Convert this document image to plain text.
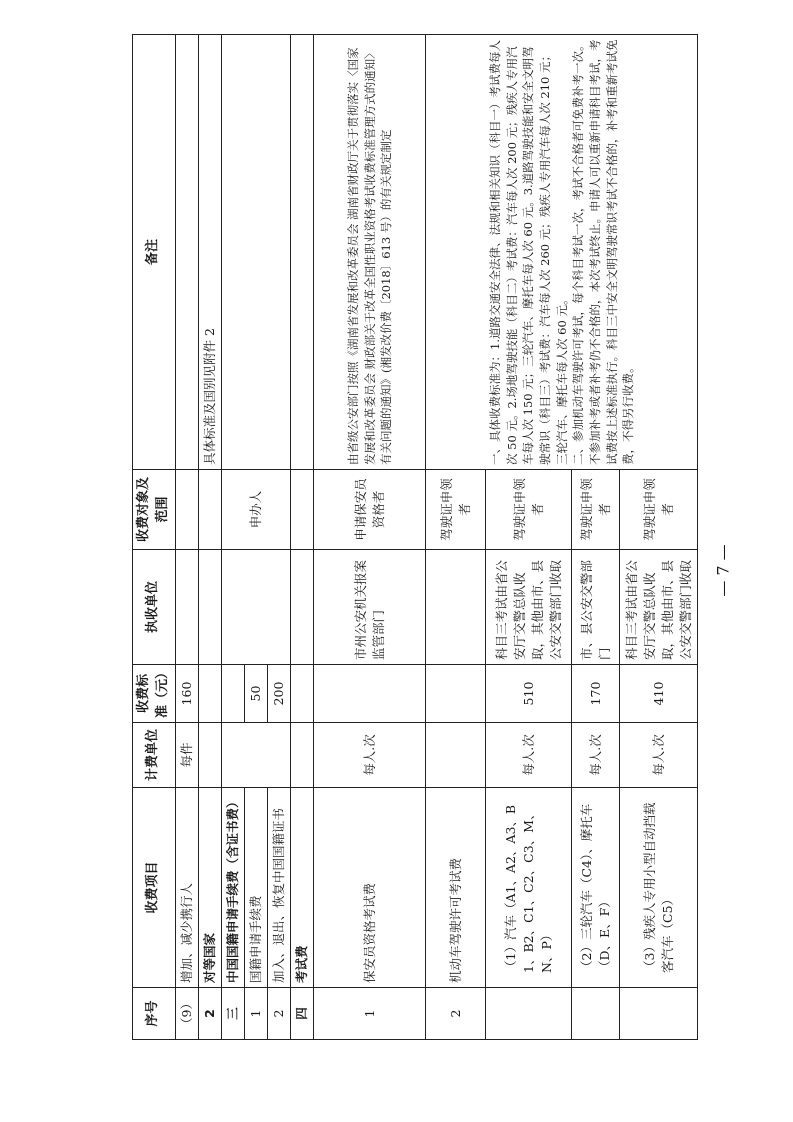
序号	收费项目	计费单位	收费标准（元）	执收单位	收费对象及范围	备注
（9）	增加、减少携行人	每件	160			
2	对等国家					具体标准及国别见附件 2
三	中国国籍申请手续费（含证书费）				申办人	
1	国籍申请手续费		50			
2	加入、退出、恢复中国国籍证书		200			
四	考试费					
1	保安员资格考试费	每人.次		市州公安机关报案监管部门	申请保安员资格者	由省级公安部门按照《湖南省发展和改革委员会 湖南省财政厅关于贯彻落实〈国家发展和改革委员会 财政部关于改革全国性职业资格考试收费标准管理方式的通知〉有关问题的通知》(湘发改价费〔2018〕613 号）的有关规定制定
2	机动车驾驶许可考试费				驾驶证申领者	一、具体收费标准为：1.道路交通安全法律、法规和相关知识（科目一）考试费每人次 50 元。2.场地驾驶技能（科目二）考试费：汽车每人次 200 元；残疾人专用汽车每人次 150 元；三轮汽车、摩托车每人次 60 元。3.道路驾驶技能和安全文明驾驶常识（科目三）考试费：汽车每人次 260 元；残疾人专用汽车每人次 210 元；三轮汽车、摩托车每人次 60 元。
二、参加机动车驾驶许可考试，每个科目考试一次，考试不合格者可免费补考一次。不参加补考或者补考仍不合格的，本次考试终止。申请人可以重新申请科目考试，考试费按上述标准执行。科目三中安全文明驾驶常识考试不合格的，补考和重新考试免费，不得另行收费。
	（1）汽车（A1、A2、A3、B1、B2、C1、C2、C3、M、N、P）	每人.次	510	科目三考试由省公安厅交警总队收取，其他由市、县公安交警部门收取	驾驶证申领者	
	（2）三轮汽车（C4）、摩托车（D、E、F）	每人.次	170	市、县公安交警部门	驾驶证申领者	
	（3）残疾人专用小型自动挡载客汽车（C5）	每人.次	410	科目三考试由省公安厅交警总队收取，其他由市、县公安交警部门收取	驾驶证申领者	
— 7 —
